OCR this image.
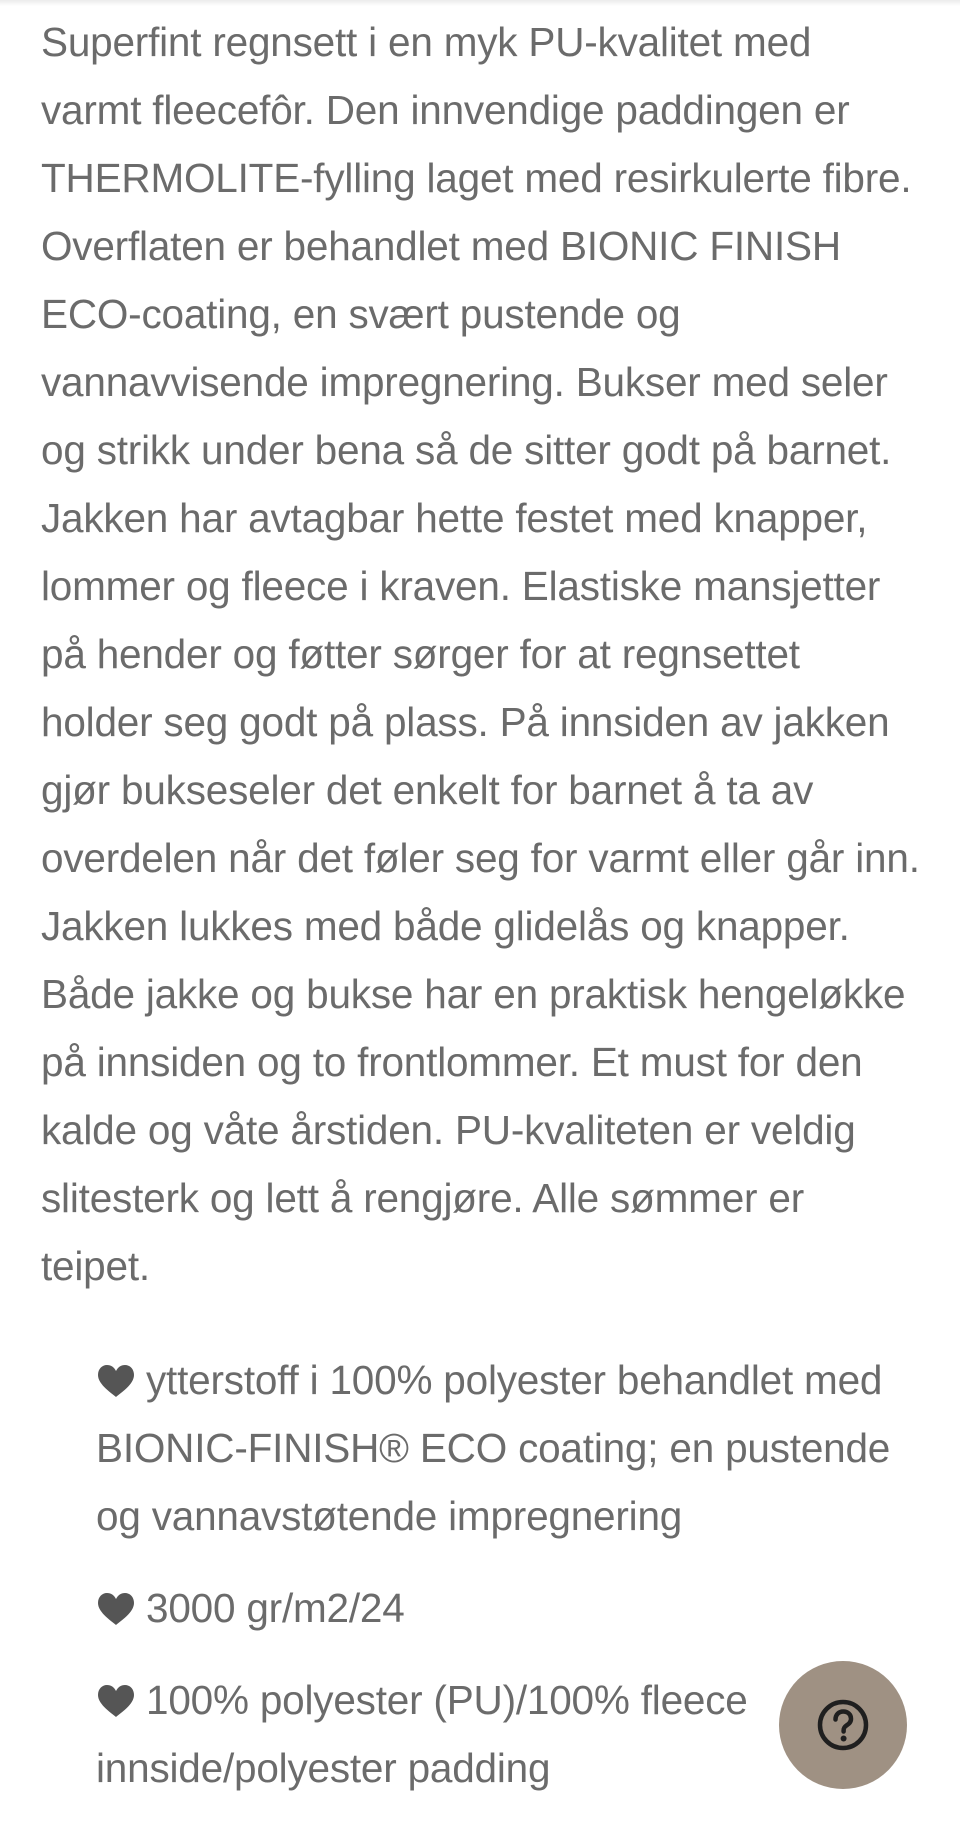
Superfint regnsett i en myk PU-kvalitet med varmt fleecefôr. Den innvendige paddingen er THERMOLITE-fylling laget med resirkulerte fibre. Overflaten er behandlet med BIONIC FINISH ECO-coating, en svært pustende og vannavvisende impregnering. Bukser med seler og strikk under bena så de sitter godt på barnet. Jakken har avtagbar hette festet med knapper, lommer og fleece i kraven. Elastiske mansjetter på hender og føtter sørger for at regnsettet holder seg godt på plass. På innsiden av jakken gjør bukseseler det enkelt for barnet å ta av overdelen når det føler seg for varmt eller går inn. Jakken lukkes med både glidelås og knapper. Både jakke og bukse har en praktisk hengeløkke på innsiden og to frontlommer. Et must for den kalde og våte årstiden. PU-kvaliteten er veldig slitesterk og lett å rengjøre. Alle sømmer er teipet.

ytterstoff i 100% polyester behandlet med BIONIC-FINISH® ECO coating; en pustende og vannavstøtende impregnering
3000 gr/m2/24
100% polyester (PU)/100% fleece innside/polyester padding
